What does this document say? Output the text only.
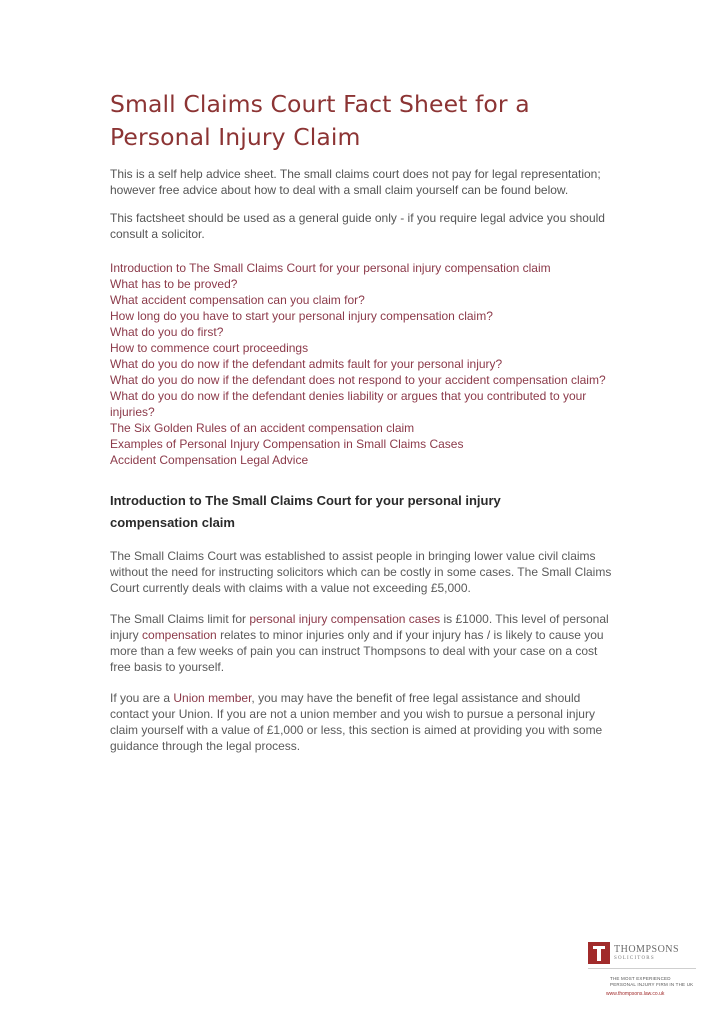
Small Claims Court Fact Sheet for a Personal Injury Claim

This is a self help advice sheet. The small claims court does not pay for legal representation; however free advice about how to deal with a small claim yourself can be found below.

This factsheet should be used as a general guide only - if you require legal advice you should consult a solicitor.

Introduction to The Small Claims Court for your personal injury compensation claim
What has to be proved?
What accident compensation can you claim for?
How long do you have to start your personal injury compensation claim?
What do you do first?
How to commence court proceedings
What do you do now if the defendant admits fault for your personal injury?
What do you do now if the defendant does not respond to your accident compensation claim?
What do you do now if the defendant denies liability or argues that you contributed to your injuries?
The Six Golden Rules of an accident compensation claim
Examples of Personal Injury Compensation in Small Claims Cases
Accident Compensation Legal Advice
Introduction to The Small Claims Court for your personal injury compensation claim

The Small Claims Court was established to assist people in bringing lower value civil claims without the need for instructing solicitors which can be costly in some cases. The Small Claims Court currently deals with claims with a value not exceeding £5,000.

The Small Claims limit for personal injury compensation cases is £1000. This level of personal injury compensation relates to minor injuries only and if your injury has / is likely to cause you more than a few weeks of pain you can instruct Thompsons to deal with your case on a cost free basis to yourself.

If you are a Union member, you may have the benefit of free legal assistance and should contact your Union. If you are not a union member and you wish to pursue a personal injury claim yourself with a value of £1,000 or less, this section is aimed at providing you with some guidance through the legal process.

THOMPSONS
SOLICITORS
THE MOST EXPERIENCED
PERSONAL INJURY FIRM IN THE UK
www.thompsons.law.co.uk
